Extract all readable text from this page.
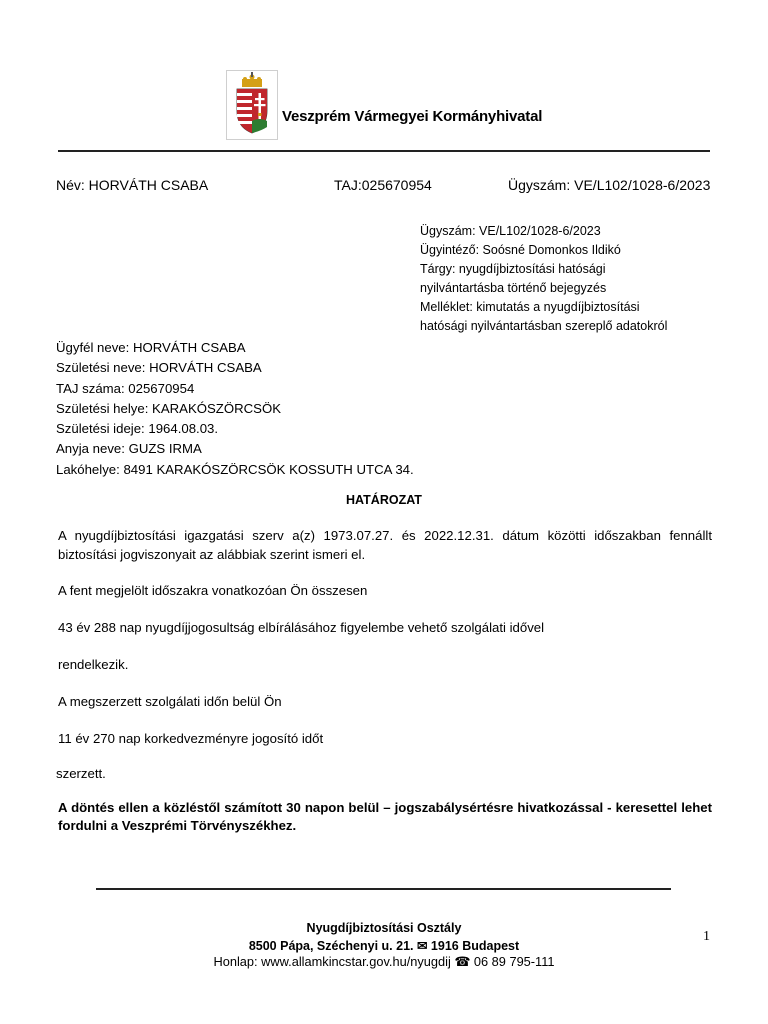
Veszprém Vármegyei Kormányhivatal
Név: HORVÁTH CSABA	TAJ:025670954	Ügyszám: VE/L102/1028-6/2023
Ügyszám: VE/L102/1028-6/2023
Ügyintéző: Soósné Domonkos Ildikó
Tárgy: nyugdíjbiztosítási hatósági
nyilvántartásba történő bejegyzés
Melléklet: kimutatás a nyugdíjbiztosítási
hatósági nyilvántartásban szereplő adatokról
Ügyfél neve: HORVÁTH CSABA
Születési neve: HORVÁTH CSABA
TAJ száma: 025670954
Születési helye: KARAKÓSZÖRCSÖK
Születési ideje: 1964.08.03.
Anyja neve: GUZS IRMA
Lakóhelye: 8491 KARAKÓSZÖRCSÖK KOSSUTH UTCA 34.
HATÁROZAT
A nyugdíjbiztosítási igazgatási szerv a(z) 1973.07.27. és 2022.12.31. dátum közötti időszakban fennállt
biztosítási jogviszonyait az alábbiak szerint ismeri el.
A fent megjelölt időszakra vonatkozóan Ön összesen
43 év 288 nap nyugdíjjogosultság elbírálásához figyelembe vehető szolgálati idővel
rendelkezik.
A megszerzett szolgálati időn belül Ön
11 év 270 nap korkedvezményre jogosító időt
szerzett.
A döntés ellen a közléstől számított 30 napon belül – jogszabálysértésre hivatkozással - keresettel lehet
fordulni a Veszprémi Törvényszékhez.
Nyugdíjbiztosítási Osztály
8500 Pápa, Széchenyi u. 21. ✉ 1916 Budapest
Honlap: www.allamkincstar.gov.hu/nyugdij ☎ 06 89 795-111
1
